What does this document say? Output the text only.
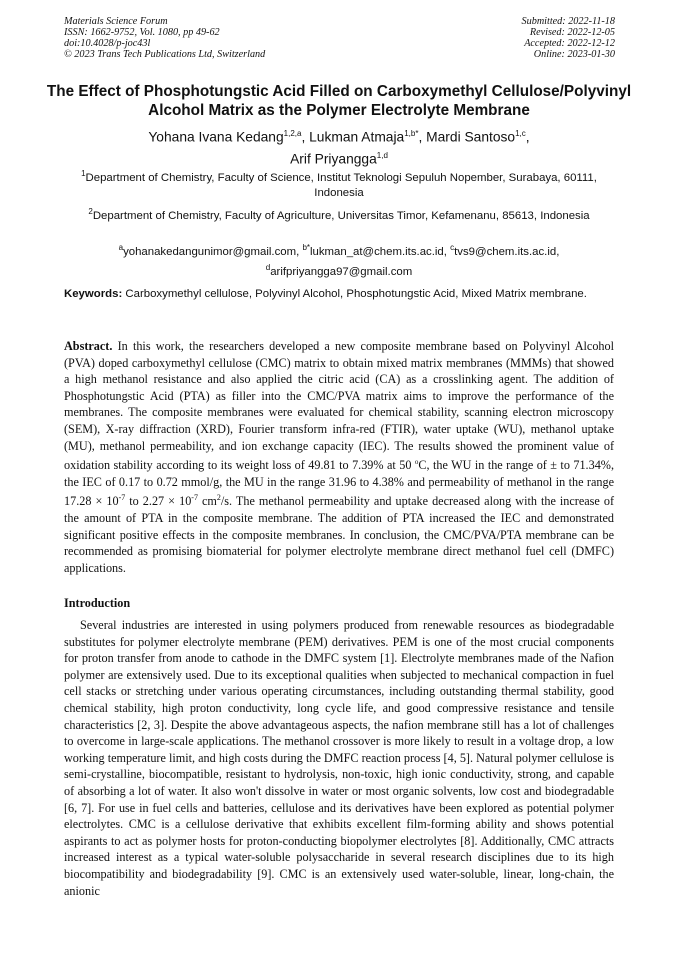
Materials Science Forum
ISSN: 1662-9752, Vol. 1080, pp 49-62
doi:10.4028/p-joc43l
© 2023 Trans Tech Publications Ltd, Switzerland
Submitted: 2022-11-18
Revised: 2022-12-05
Accepted: 2022-12-12
Online: 2023-01-30
The Effect of Phosphotungstic Acid Filled on Carboxymethyl Cellulose/Polyvinyl Alcohol Matrix as the Polymer Electrolyte Membrane
Yohana Ivana Kedang$^{1,2,a}$, Lukman Atmaja$^{1,b*}$, Mardi Santoso$^{1,c}$,
Arif Priyangga$^{1,d}$
$^1$Department of Chemistry, Faculty of Science, Institut Teknologi Sepuluh Nopember, Surabaya, 60111, Indonesia
$^2$Department of Chemistry, Faculty of Agriculture, Universitas Timor, Kefamenanu, 85613, Indonesia
$^a$yohanakedangunimor@gmail.com, $^{b*}$lukman_at@chem.its.ac.id, $^c$tvs9@chem.its.ac.id,
$^d$arifpriyangga97@gmail.com
Keywords: Carboxymethyl cellulose, Polyvinyl Alcohol, Phosphotungstic Acid, Mixed Matrix membrane.
Abstract. In this work, the researchers developed a new composite membrane based on Polyvinyl Alcohol (PVA) doped carboxymethyl cellulose (CMC) matrix to obtain mixed matrix membranes (MMMs) that showed a high methanol resistance and also applied the citric acid (CA) as a crosslinking agent. The addition of Phosphotungstic Acid (PTA) as filler into the CMC/PVA matrix aims to improve the performance of the membranes. The composite membranes were evaluated for chemical stability, scanning electron microscopy (SEM), X-ray diffraction (XRD), Fourier transform infra-red (FTIR), water uptake (WU), methanol uptake (MU), methanol permeability, and ion exchange capacity (IEC). The results showed the prominent value of oxidation stability according to its weight loss of 49.81 to 7.39% at 50 $^o$C, the WU in the range of ± to 71.34%, the IEC of 0.17 to 0.72 mmol/g, the MU in the range 31.96 to 4.38% and permeability of methanol in the range $17.28 \times 10^{-7}$ to $2.27 \times 10^{-7}$ $cm^2/s$. The methanol permeability and uptake decreased along with the increase of the amount of PTA in the composite membrane. The addition of PTA increased the IEC and demonstrated significant positive effects in the composite membranes. In conclusion, the CMC/PVA/PTA membrane can be recommended as promising biomaterial for polymer electrolyte membrane direct methanol fuel cell (DMFC) applications.
Introduction

Several industries are interested in using polymers produced from renewable resources as biodegradable substitutes for polymer electrolyte membrane (PEM) derivatives. PEM is one of the most crucial components for proton transfer from anode to cathode in the DMFC system [1]. Electrolyte membranes made of the Nafion polymer are extensively used. Due to its exceptional qualities when subjected to mechanical compaction in fuel cell stacks or stretching under various operating circumstances, including outstanding thermal stability, good chemical stability, high proton conductivity, long cycle life, and good compressive resistance and tensile characteristics [2, 3]. Despite the above advantageous aspects, the nafion membrane still has a lot of challenges to overcome in large-scale applications. The methanol crossover is more likely to result in a voltage drop, a low working temperature limit, and high costs during the DMFC reaction process [4, 5]. Natural polymer cellulose is semi-crystalline, biocompatible, resistant to hydrolysis, non-toxic, high ionic conductivity, strong, and capable of absorbing a lot of water. It also won't dissolve in water or most organic solvents, low cost and biodegradable [6, 7]. For use in fuel cells and batteries, cellulose and its derivatives have been explored as potential polymer electrolytes. CMC is a cellulose derivative that exhibits excellent film-forming ability and shows potential aspirants to act as polymer hosts for proton-conducting biopolymer electrolytes [8]. Additionally, CMC attracts increased interest as a typical water-soluble polysaccharide in several research disciplines due to its high biocompatibility and biodegradability [9]. CMC is an extensively used water-soluble, linear, long-chain, the anionic
